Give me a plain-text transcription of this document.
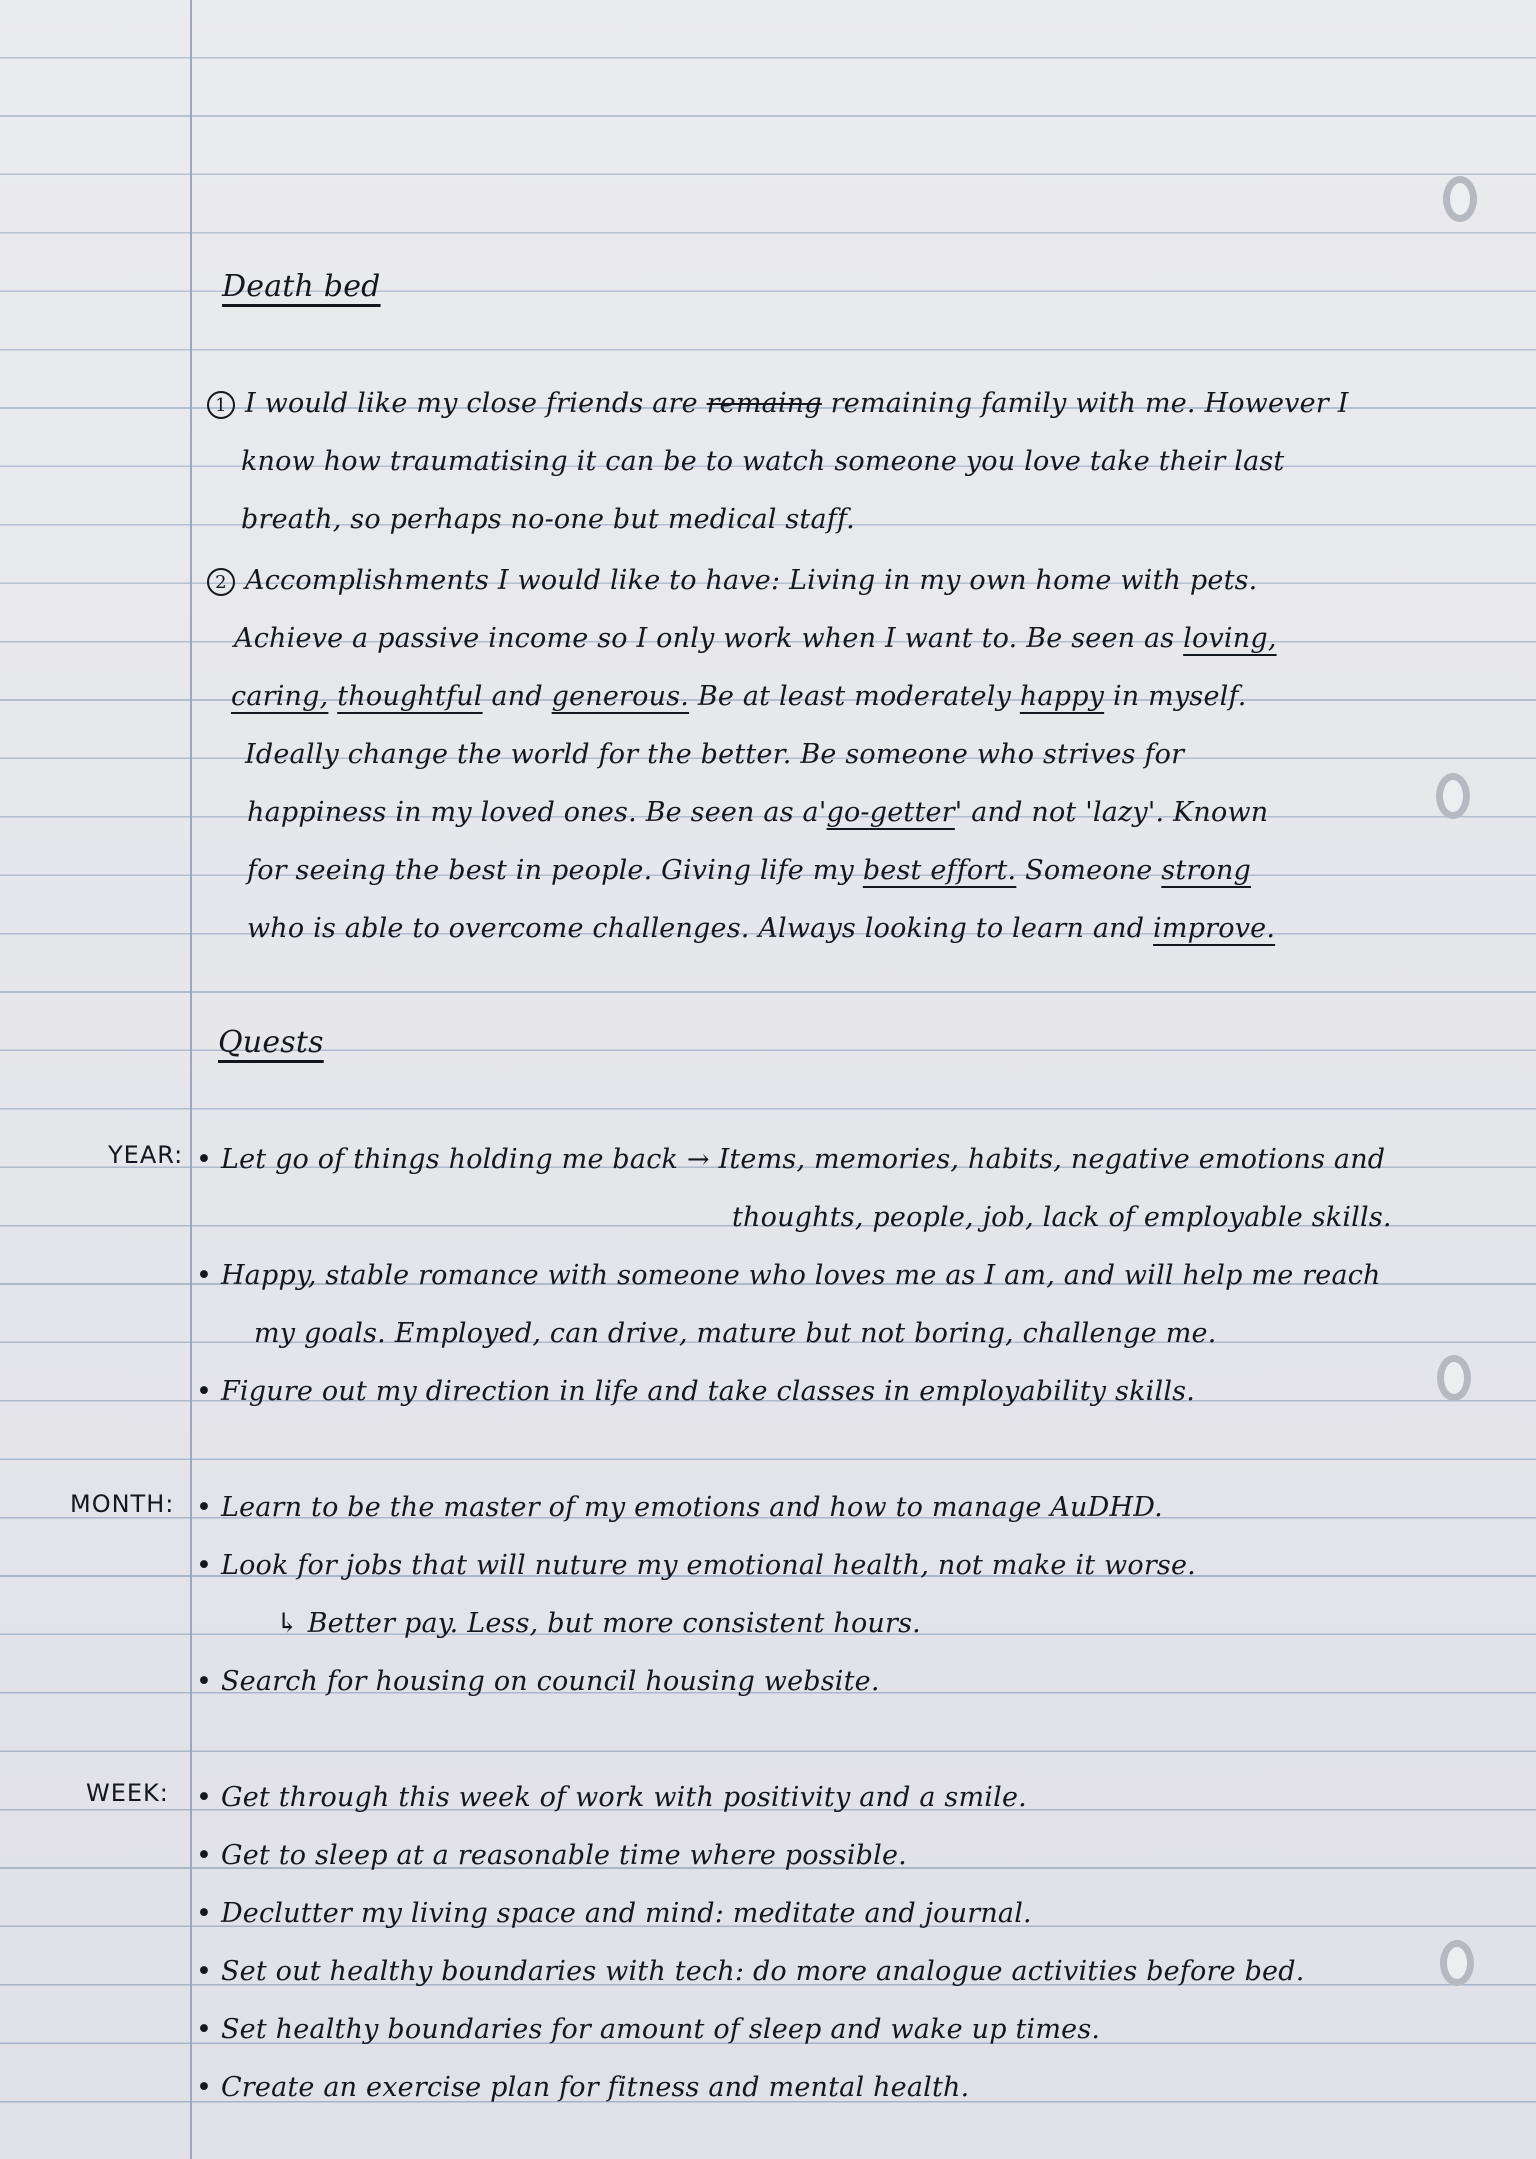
Death bed

1 I would like my close friends are remaing remaining family with me. However I

know how traumatising it can be to watch someone you love take their last

breath, so perhaps no-one but medical staff.

2 Accomplishments I would like to have: Living in my own home with pets.

Achieve a passive income so I only work when I want to. Be seen as loving,

caring, thoughtful and generous. Be at least moderately happy in myself.

Ideally change the world for the better. Be someone who strives for

happiness in my loved ones. Be seen as a'go-getter' and not 'lazy'. Known

for seeing the best in people. Giving life my best effort. Someone strong

who is able to overcome challenges. Always looking to learn and improve.

Quests

YEAR: • Let go of things holding me back → Items, memories, habits, negative emotions and

thoughts, people, job, lack of employable skills.

• Happy, stable romance with someone who loves me as I am, and will help me reach

my goals. Employed, can drive, mature but not boring, challenge me.

• Figure out my direction in life and take classes in employability skills.

MONTH: • Learn to be the master of my emotions and how to manage AuDHD.

• Look for jobs that will nuture my emotional health, not make it worse.

↳ Better pay. Less, but more consistent hours.

• Search for housing on council housing website.

WEEK: • Get through this week of work with positivity and a smile.

• Get to sleep at a reasonable time where possible.

• Declutter my living space and mind: meditate and journal.

• Set out healthy boundaries with tech: do more analogue activities before bed.

• Set healthy boundaries for amount of sleep and wake up times.

• Create an exercise plan for fitness and mental health.
